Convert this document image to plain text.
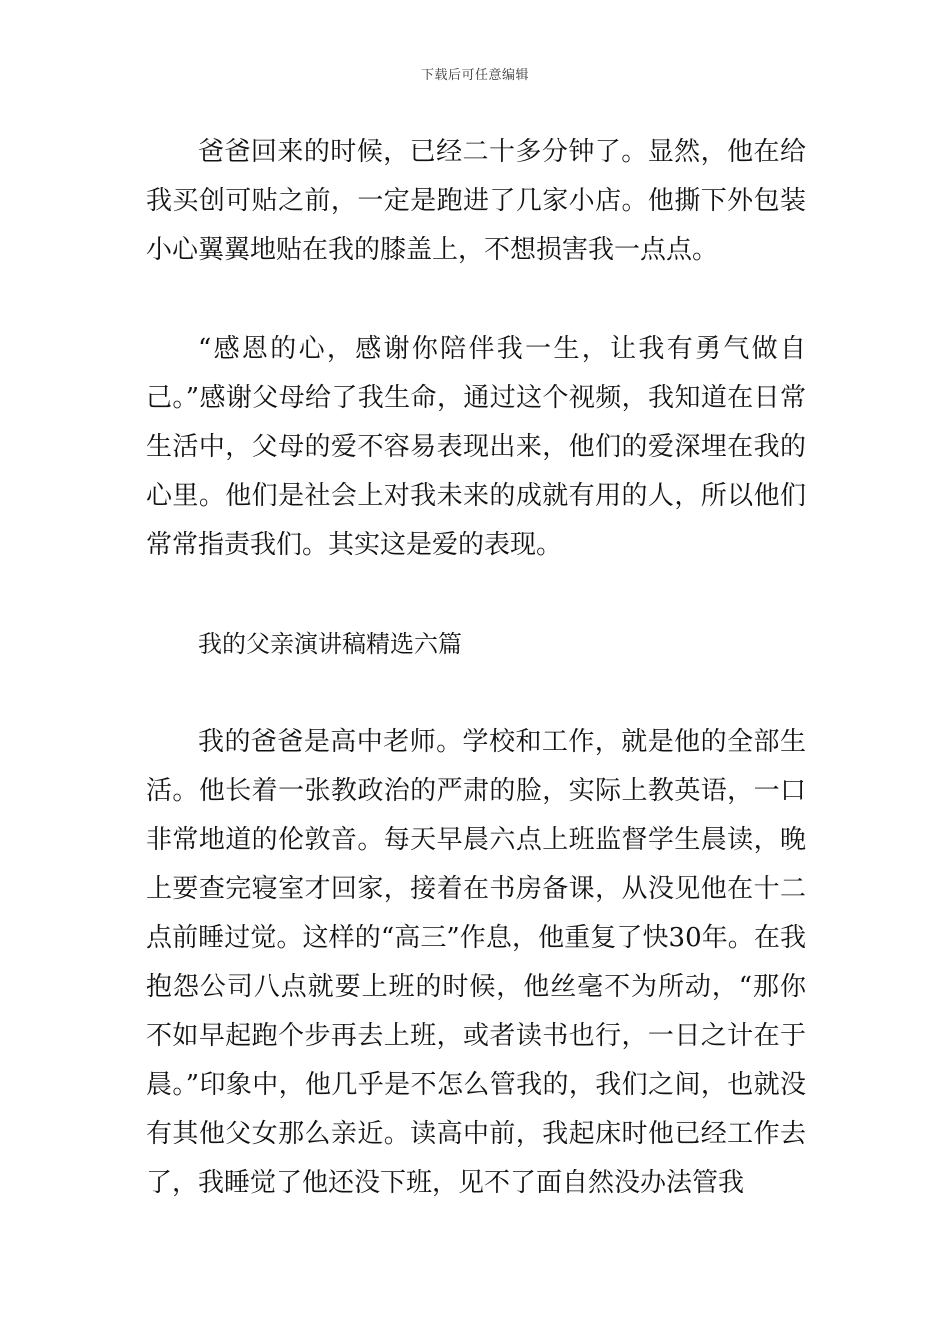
下载后可任意编辑

爸爸回来的时候，已经二十多分钟了。显然，他在给我买创可贴之前，一定是跑进了几家小店。他撕下外包装小心翼翼地贴在我的膝盖上，不想损害我一点点。

“感恩的心，感谢你陪伴我一生，让我有勇气做自己。”感谢父母给了我生命，通过这个视频，我知道在日常生活中，父母的爱不容易表现出来，他们的爱深埋在我的心里。他们是社会上对我未来的成就有用的人，所以他们常常指责我们。其实这是爱的表现。

我的父亲演讲稿精选六篇

我的爸爸是高中老师。学校和工作，就是他的全部生活。他长着一张教政治的严肃的脸，实际上教英语，一口非常地道的伦敦音。每天早晨六点上班监督学生晨读，晚上要查完寝室才回家，接着在书房备课，从没见他在十二点前睡过觉。这样的“高三”作息，他重复了快30年。在我抱怨公司八点就要上班的时候，他丝毫不为所动，“那你不如早起跑个步再去上班，或者读书也行，一日之计在于晨。”印象中，他几乎是不怎么管我的，我们之间，也就没有其他父女那么亲近。读高中前，我起床时他已经工作去了，我睡觉了他还没下班，见不了面自然没办法管我
